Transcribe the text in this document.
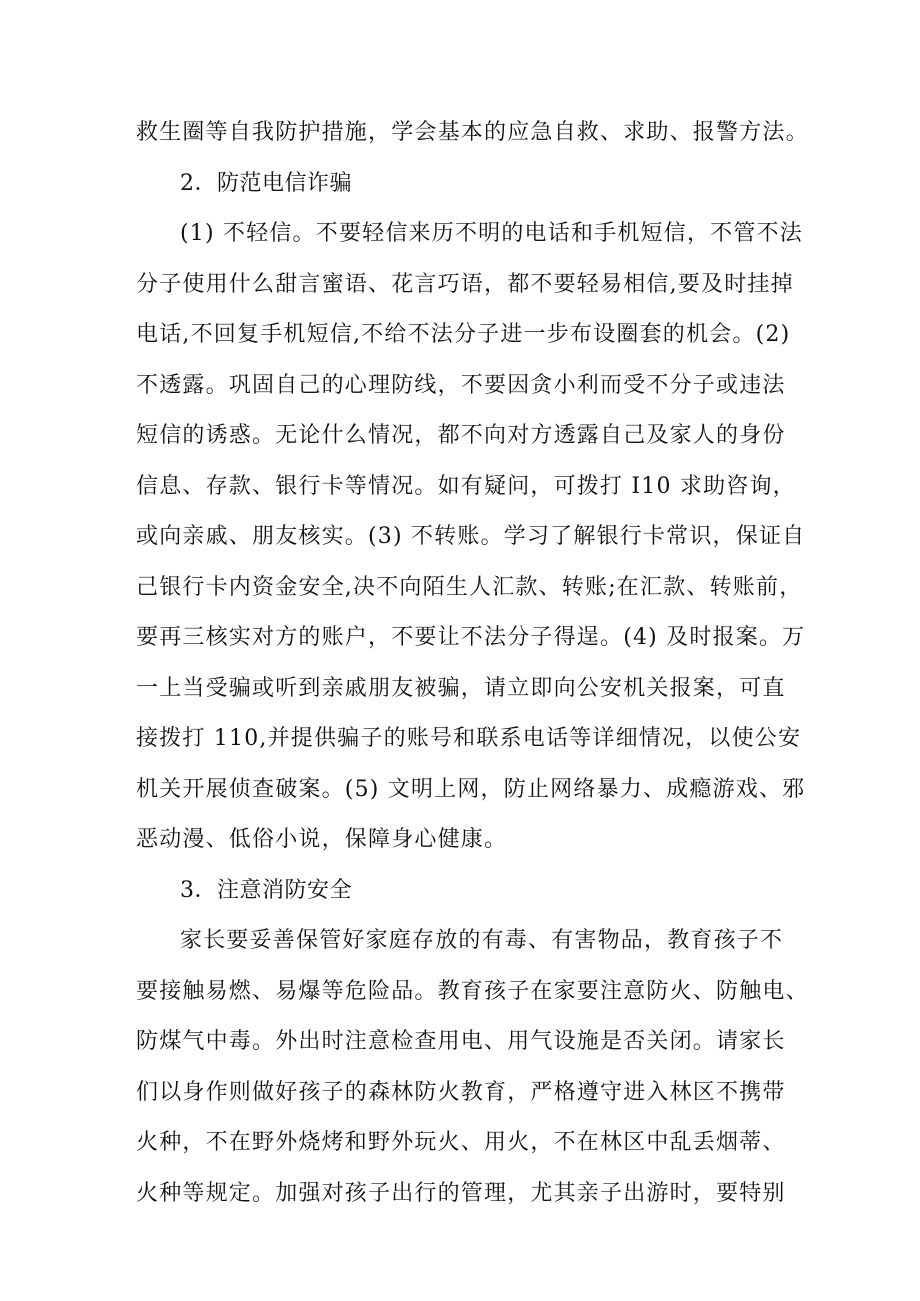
救生圈等自我防护措施，学会基本的应急自救、求助、报警方法。
2．防范电信诈骗
(1) 不轻信。不要轻信来历不明的电话和手机短信，不管不法
分子使用什么甜言蜜语、花言巧语，都不要轻易相信,要及时挂掉
电话,不回复手机短信,不给不法分子进一步布设圈套的机会。(2)
不透露。巩固自己的心理防线，不要因贪小利而受不分子或违法
短信的诱惑。无论什么情况，都不向对方透露自己及家人的身份
信息、存款、银行卡等情况。如有疑问，可拨打 I10 求助咨询，
或向亲戚、朋友核实。(3) 不转账。学习了解银行卡常识，保证自
己银行卡内资金安全,决不向陌生人汇款、转账;在汇款、转账前，
要再三核实对方的账户，不要让不法分子得逞。(4) 及时报案。万
一上当受骗或听到亲戚朋友被骗，请立即向公安机关报案，可直
接拨打 110,并提供骗子的账号和联系电话等详细情况，以使公安
机关开展侦查破案。(5) 文明上网，防止网络暴力、成瘾游戏、邪
恶动漫、低俗小说，保障身心健康。
3．注意消防安全
家长要妥善保管好家庭存放的有毒、有害物品，教育孩子不
要接触易燃、易爆等危险品。教育孩子在家要注意防火、防触电、
防煤气中毒。外出时注意检查用电、用气设施是否关闭。请家长
们以身作则做好孩子的森林防火教育，严格遵守进入林区不携带
火种，不在野外烧烤和野外玩火、用火，不在林区中乱丢烟蒂、
火种等规定。加强对孩子出行的管理，尤其亲子出游时，要特别
